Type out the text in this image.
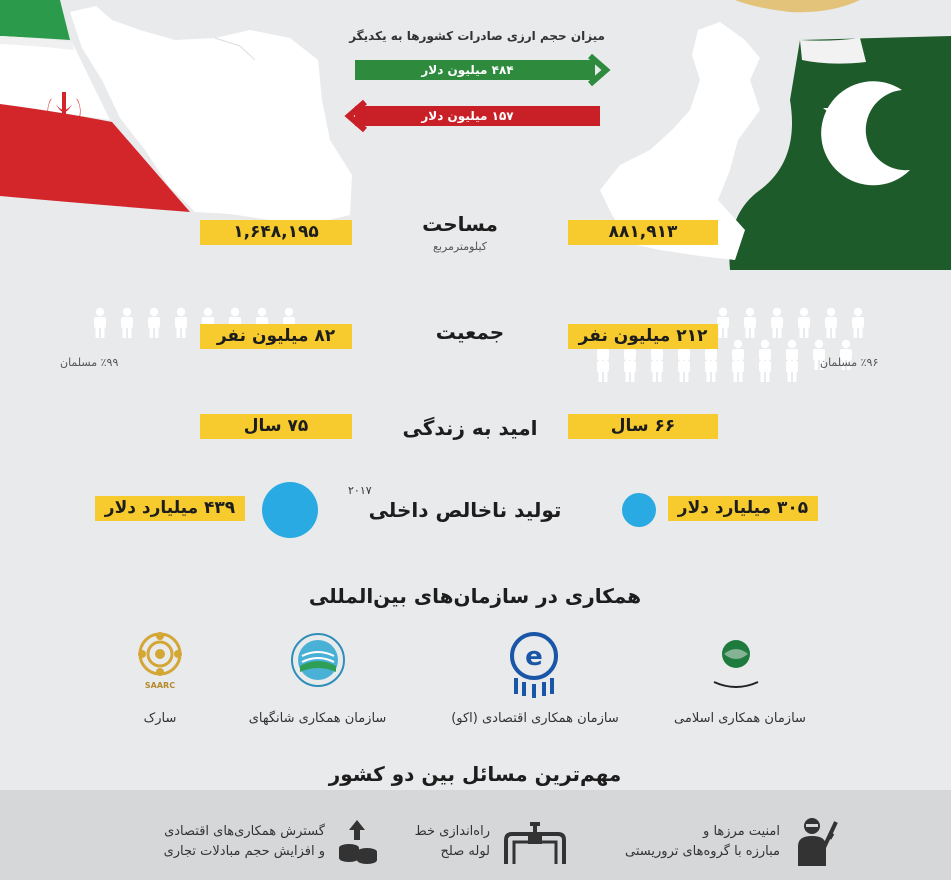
میزان حجم ارزی صادرات کشورها به یکدیگر
۴۸۴ میلیون دلار
۱۵۷ میلیون دلار
۱,۶۴۸,۱۹۵	۸۸۱,۹۱۳
مساحت
کیلومترمربع
۸۲ میلیون نفر	۲۱۲ میلیون نفر
جمعیت
٪۹۹ مسلمان	٪۹۶ مسلمان
۷۵ سال	۶۶ سال
امید به زندگی
۴۳۹ میلیارد دلار	۳۰۵ میلیارد دلار
تولید ناخالص داخلی
۲۰۱۷
همکاری در سازمان‌های بین‌المللی
SAARC
e
سارک	سازمان همکاری شانگهای	سازمان همکاری اقتصادی (اکو)	سازمان همکاری اسلامی
مهم‌ترین مسائل بین دو کشور
گسترش همکاری‌های اقتصادی
و افزایش حجم مبادلات تجاری
راه‌اندازی خط
لوله صلح
امنیت مرزها و
مبارزه با گروه‌های تروریستی
